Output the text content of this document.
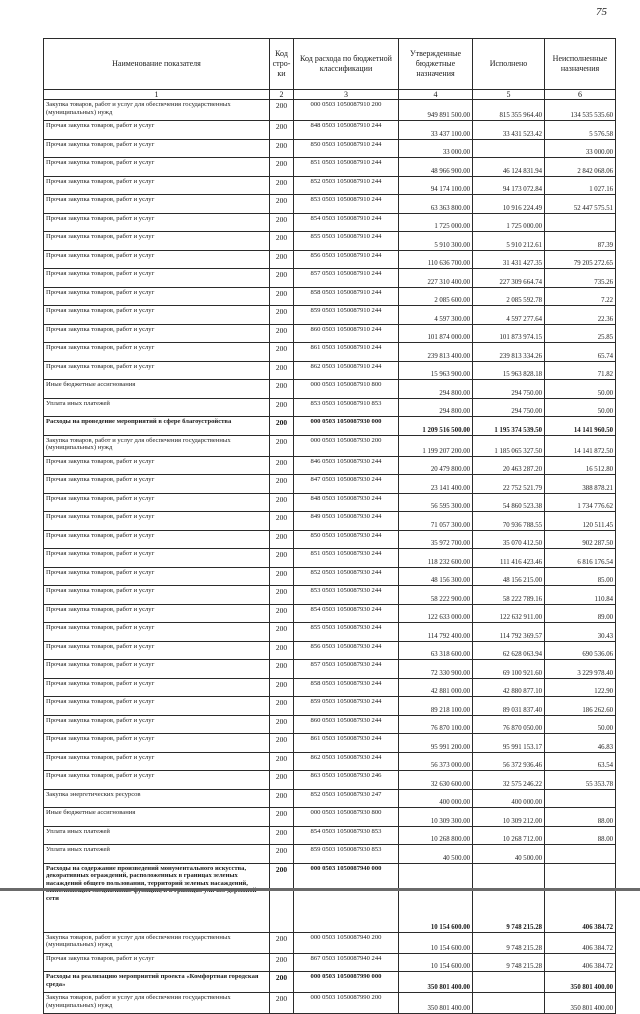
75
Наименование показателя	Код стро- ки	Код расхода по бюджетной классификации	Утвержденные бюджетные назначения	Исполнено	Неисполненные назначения
1	2	3	4	5	6
Закупка товаров, работ и услуг для обеспечения государственных (муниципальных) нужд	200	000 0503 1050087910 200	949 891 500.00	815 355 964.40	134 535 535.60
Прочая закупка товаров, работ и услуг	200	848 0503 1050087910 244	33 437 100.00	33 431 523.42	5 576.58
Прочая закупка товаров, работ и услуг	200	850 0503 1050087910 244	33 000.00		33 000.00
Прочая закупка товаров, работ и услуг	200	851 0503 1050087910 244	48 966 900.00	46 124 831.94	2 842 068.06
Прочая закупка товаров, работ и услуг	200	852 0503 1050087910 244	94 174 100.00	94 173 072.84	1 027.16
Прочая закупка товаров, работ и услуг	200	853 0503 1050087910 244	63 363 800.00	10 916 224.49	52 447 575.51
Прочая закупка товаров, работ и услуг	200	854 0503 1050087910 244	1 725 000.00	1 725 000.00	
Прочая закупка товаров, работ и услуг	200	855 0503 1050087910 244	5 910 300.00	5 910 212.61	87.39
Прочая закупка товаров, работ и услуг	200	856 0503 1050087910 244	110 636 700.00	31 431 427.35	79 205 272.65
Прочая закупка товаров, работ и услуг	200	857 0503 1050087910 244	227 310 400.00	227 309 664.74	735.26
Прочая закупка товаров, работ и услуг	200	858 0503 1050087910 244	2 085 600.00	2 085 592.78	7.22
Прочая закупка товаров, работ и услуг	200	859 0503 1050087910 244	4 597 300.00	4 597 277.64	22.36
Прочая закупка товаров, работ и услуг	200	860 0503 1050087910 244	101 874 000.00	101 873 974.15	25.85
Прочая закупка товаров, работ и услуг	200	861 0503 1050087910 244	239 813 400.00	239 813 334.26	65.74
Прочая закупка товаров, работ и услуг	200	862 0503 1050087910 244	15 963 900.00	15 963 828.18	71.82
Иные бюджетные ассигнования	200	000 0503 1050087910 800	294 800.00	294 750.00	50.00
Уплата иных платежей	200	853 0503 1050087910 853	294 800.00	294 750.00	50.00
Расходы на проведение мероприятий в сфере благоустройства	200	000 0503 1050087930 000	1 209 516 500.00	1 195 374 539.50	14 141 960.50
Закупка товаров, работ и услуг для обеспечения государственных (муниципальных) нужд	200	000 0503 1050087930 200	1 199 207 200.00	1 185 065 327.50	14 141 872.50
Прочая закупка товаров, работ и услуг	200	846 0503 1050087930 244	20 479 800.00	20 463 287.20	16 512.80
Прочая закупка товаров, работ и услуг	200	847 0503 1050087930 244	23 141 400.00	22 752 521.79	388 878.21
Прочая закупка товаров, работ и услуг	200	848 0503 1050087930 244	56 595 300.00	54 860 523.38	1 734 776.62
Прочая закупка товаров, работ и услуг	200	849 0503 1050087930 244	71 057 300.00	70 936 788.55	120 511.45
Прочая закупка товаров, работ и услуг	200	850 0503 1050087930 244	35 972 700.00	35 070 412.50	902 287.50
Прочая закупка товаров, работ и услуг	200	851 0503 1050087930 244	118 232 600.00	111 416 423.46	6 816 176.54
Прочая закупка товаров, работ и услуг	200	852 0503 1050087930 244	48 156 300.00	48 156 215.00	85.00
Прочая закупка товаров, работ и услуг	200	853 0503 1050087930 244	58 222 900.00	58 222 789.16	110.84
Прочая закупка товаров, работ и услуг	200	854 0503 1050087930 244	122 633 000.00	122 632 911.00	89.00
Прочая закупка товаров, работ и услуг	200	855 0503 1050087930 244	114 792 400.00	114 792 369.57	30.43
Прочая закупка товаров, работ и услуг	200	856 0503 1050087930 244	63 318 600.00	62 628 063.94	690 536.06
Прочая закупка товаров, работ и услуг	200	857 0503 1050087930 244	72 330 900.00	69 100 921.60	3 229 978.40
Прочая закупка товаров, работ и услуг	200	858 0503 1050087930 244	42 881 000.00	42 880 877.10	122.90
Прочая закупка товаров, работ и услуг	200	859 0503 1050087930 244	89 218 100.00	89 031 837.40	186 262.60
Прочая закупка товаров, работ и услуг	200	860 0503 1050087930 244	76 870 100.00	76 870 050.00	50.00
Прочая закупка товаров, работ и услуг	200	861 0503 1050087930 244	95 991 200.00	95 991 153.17	46.83
Прочая закупка товаров, работ и услуг	200	862 0503 1050087930 244	56 373 000.00	56 372 936.46	63.54
Прочая закупка товаров, работ и услуг	200	863 0503 1050087930 246	32 630 600.00	32 575 246.22	55 353.78
Закупка энергетических ресурсов	200	852 0503 1050087930 247	400 000.00	400 000.00	
Иные бюджетные ассигнования	200	000 0503 1050087930 800	10 309 300.00	10 309 212.00	88.00
Уплата иных платежей	200	854 0503 1050087930 853	10 268 800.00	10 268 712.00	88.00
Уплата иных платежей	200	859 0503 1050087930 853	40 500.00	40 500.00	
Расходы на содержание произведений монументального искусства, декоративных ограждений, расположенных в границах зеленых насаждений общего пользования, территорий зеленых насаждений, сети	200	000 0503 1050087940 000	10 154 600.00	9 748 215.28	406 384.72
Закупка товаров, работ и услуг для обеспечения государственных (муниципальных) нужд	200	000 0503 1050087940 200	10 154 600.00	9 748 215.28	406 384.72
Прочая закупка товаров, работ и услуг	200	867 0503 1050087940 244	10 154 600.00	9 748 215.28	406 384.72
Расходы на реализацию мероприятий проекта «Комфортная городская среда»	200	000 0503 1050087990 000	350 801 400.00		350 801 400.00
Закупка товаров, работ и услуг для обеспечения государственных (муниципальных) нужд	200	000 0503 1050087990 200	350 801 400.00		350 801 400.00
